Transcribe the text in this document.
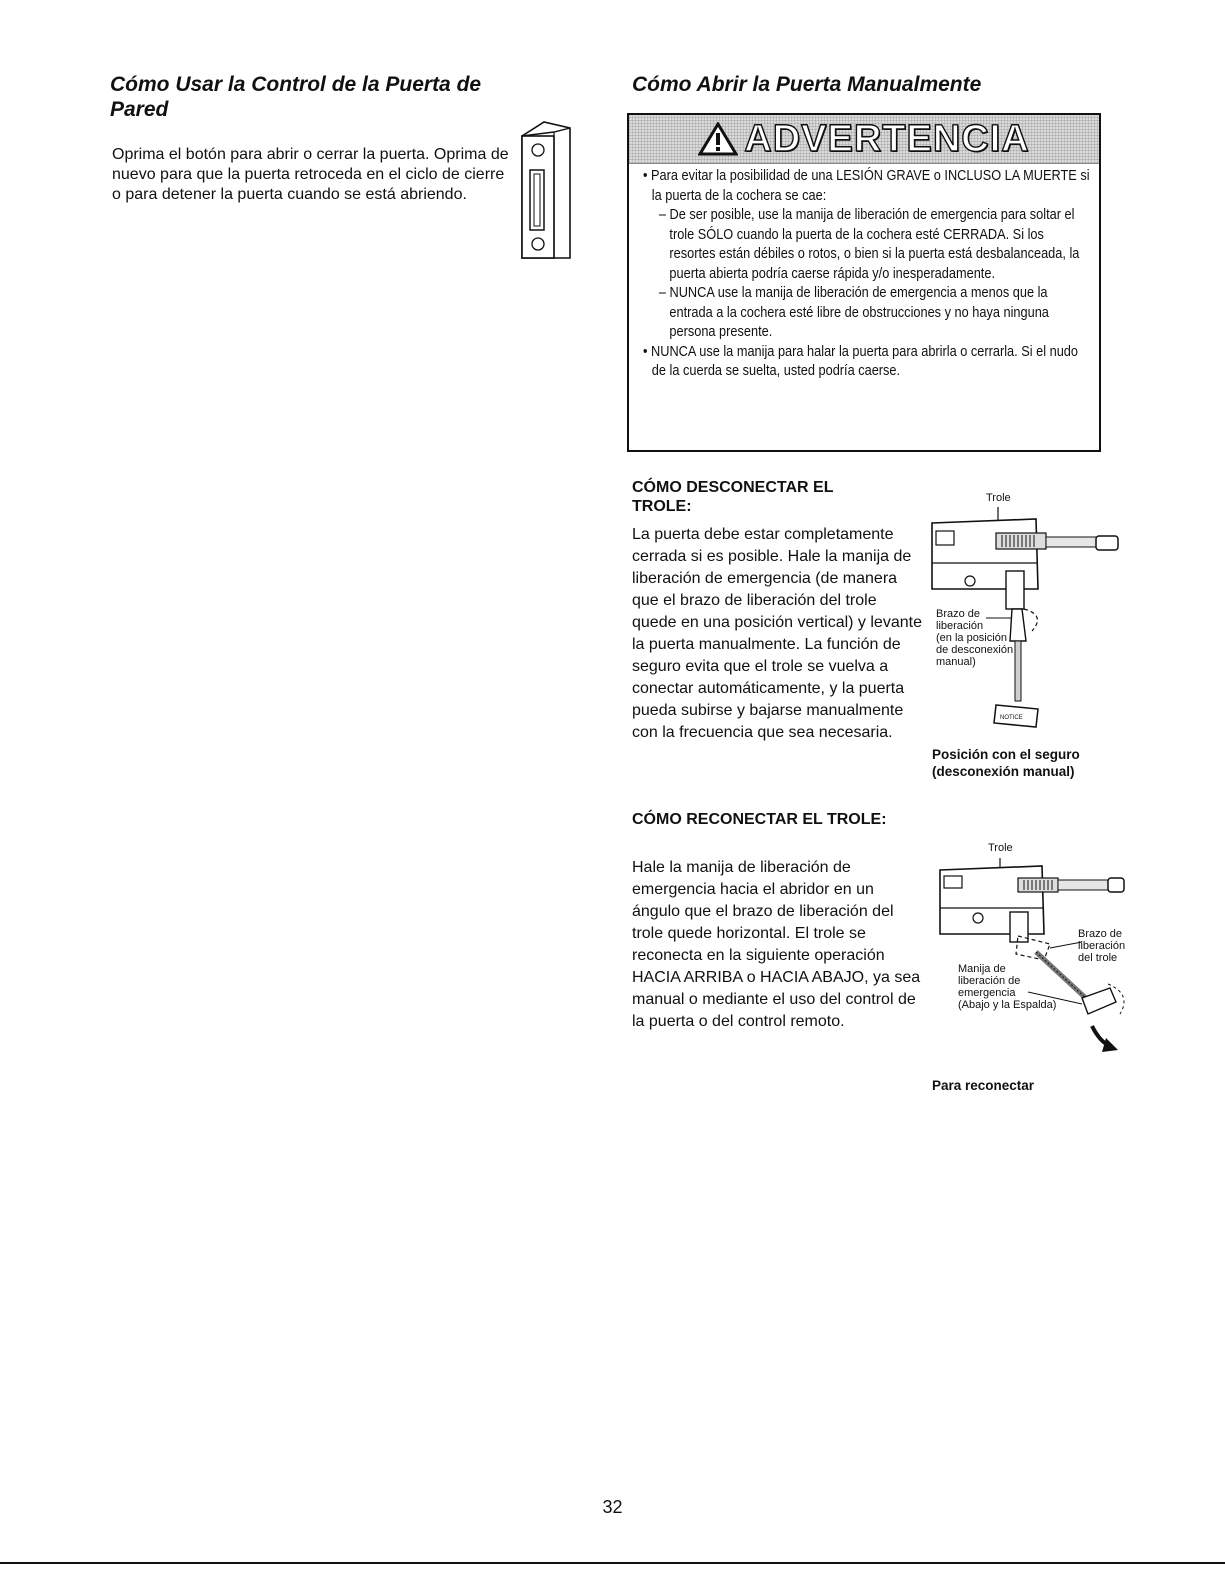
Cómo Usar la Control de la Puerta de Pared
Oprima el botón para abrir o cerrar la puerta. Oprima de nuevo para que la puerta retroceda en el ciclo de cierre o para detener la puerta cuando se está abriendo.
Cómo Abrir la Puerta Manualmente
ADVERTENCIA
• Para evitar la posibilidad de una LESIÓN GRAVE o INCLUSO LA MUERTE si la puerta de la cochera se cae:
– De ser posible, use la manija de liberación de emergencia para soltar el trole SÓLO cuando la puerta de la cochera esté CERRADA. Si los resortes están débiles o rotos, o bien si la puerta está desbalanceada, la puerta abierta podría caerse rápida y/o inesperadamente.
– NUNCA use la manija de liberación de emergencia a menos que la entrada a la cochera esté libre de obstrucciones y no haya ninguna persona presente.
• NUNCA use la manija para halar la puerta para abrirla o cerrarla. Si el nudo de la cuerda se suelta, usted podría caerse.
CÓMO DESCONECTAR EL TROLE:
La puerta debe estar completamente cerrada si es posible. Hale la manija de liberación de emergencia (de manera que el brazo de liberación del trole quede en una posición vertical) y levante la puerta manualmente. La función de seguro evita que el trole se vuelva a conectar automáticamente, y la puerta pueda subirse y bajarse manualmente con la frecuencia que sea necesaria.
Trole
NOTICE
Brazo de
liberación
(en la posición
de desconexión
manual)
Posición con el seguro (desconexión manual)
CÓMO RECONECTAR EL TROLE:
Hale la manija de liberación de emergencia hacia el abridor en un ángulo que el brazo de liberación del trole quede horizontal. El trole se reconecta en la siguiente operación HACIA ARRIBA o HACIA ABAJO, ya sea manual o mediante el uso del control de la puerta o del control remoto.
Trole
Brazo de
liberación
del trole
Manija de
liberación de
emergencia
(Abajo y la Espalda)
Para reconectar
32
